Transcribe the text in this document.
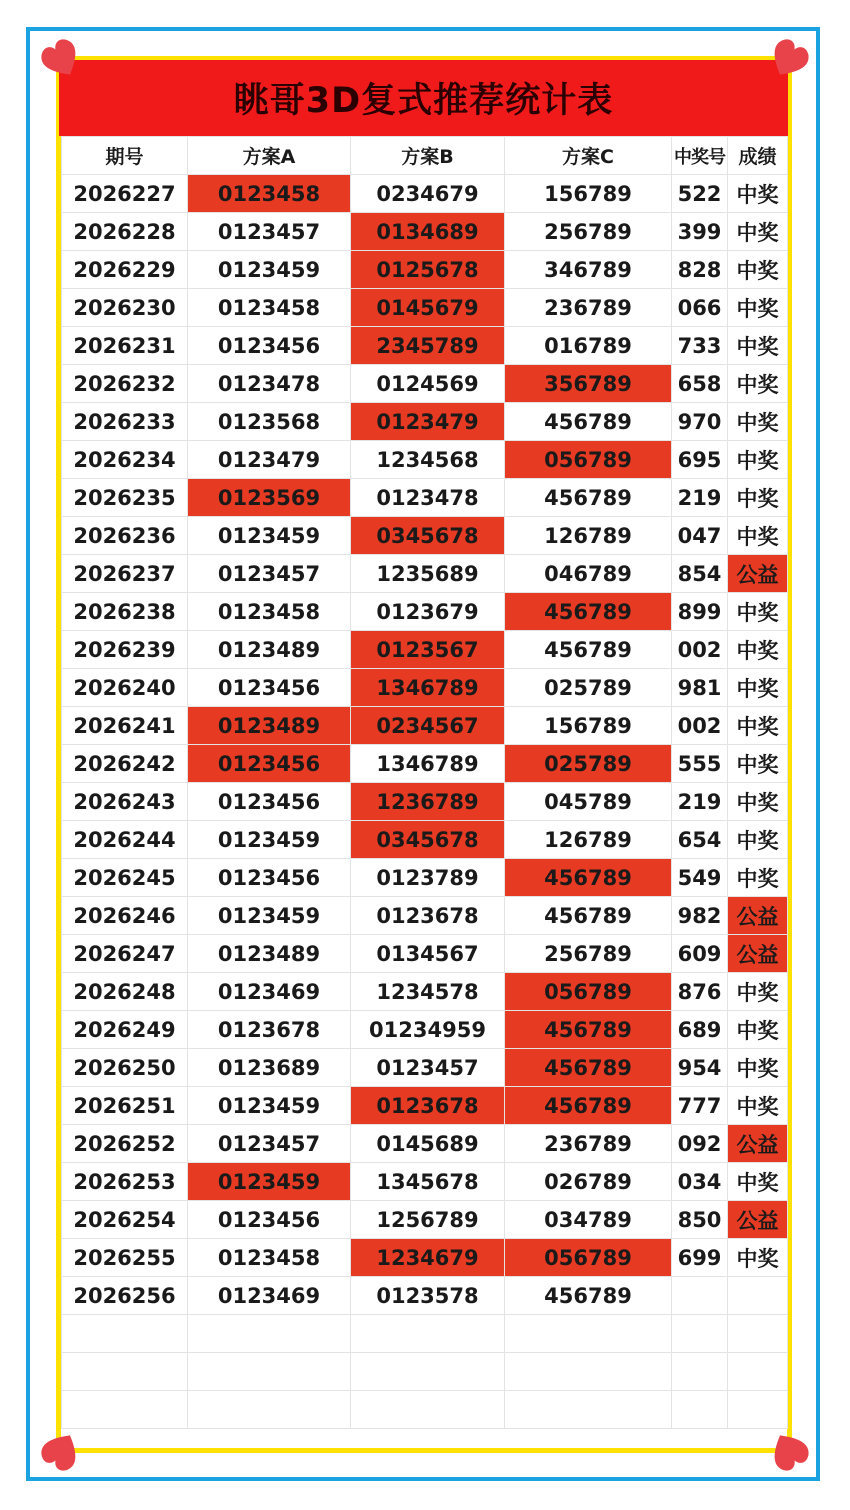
眺哥3D复式推荐统计表
期号	方案A	方案B	方案C	中奖号	成绩
2026227	0123458	0234679	156789	522	中奖
2026228	0123457	0134689	256789	399	中奖
2026229	0123459	0125678	346789	828	中奖
2026230	0123458	0145679	236789	066	中奖
2026231	0123456	2345789	016789	733	中奖
2026232	0123478	0124569	356789	658	中奖
2026233	0123568	0123479	456789	970	中奖
2026234	0123479	1234568	056789	695	中奖
2026235	0123569	0123478	456789	219	中奖
2026236	0123459	0345678	126789	047	中奖
2026237	0123457	1235689	046789	854	公益
2026238	0123458	0123679	456789	899	中奖
2026239	0123489	0123567	456789	002	中奖
2026240	0123456	1346789	025789	981	中奖
2026241	0123489	0234567	156789	002	中奖
2026242	0123456	1346789	025789	555	中奖
2026243	0123456	1236789	045789	219	中奖
2026244	0123459	0345678	126789	654	中奖
2026245	0123456	0123789	456789	549	中奖
2026246	0123459	0123678	456789	982	公益
2026247	0123489	0134567	256789	609	公益
2026248	0123469	1234578	056789	876	中奖
2026249	0123678	01234959	456789	689	中奖
2026250	0123689	0123457	456789	954	中奖
2026251	0123459	0123678	456789	777	中奖
2026252	0123457	0145689	236789	092	公益
2026253	0123459	1345678	026789	034	中奖
2026254	0123456	1256789	034789	850	公益
2026255	0123458	1234679	056789	699	中奖
2026256	0123469	0123578	456789		
